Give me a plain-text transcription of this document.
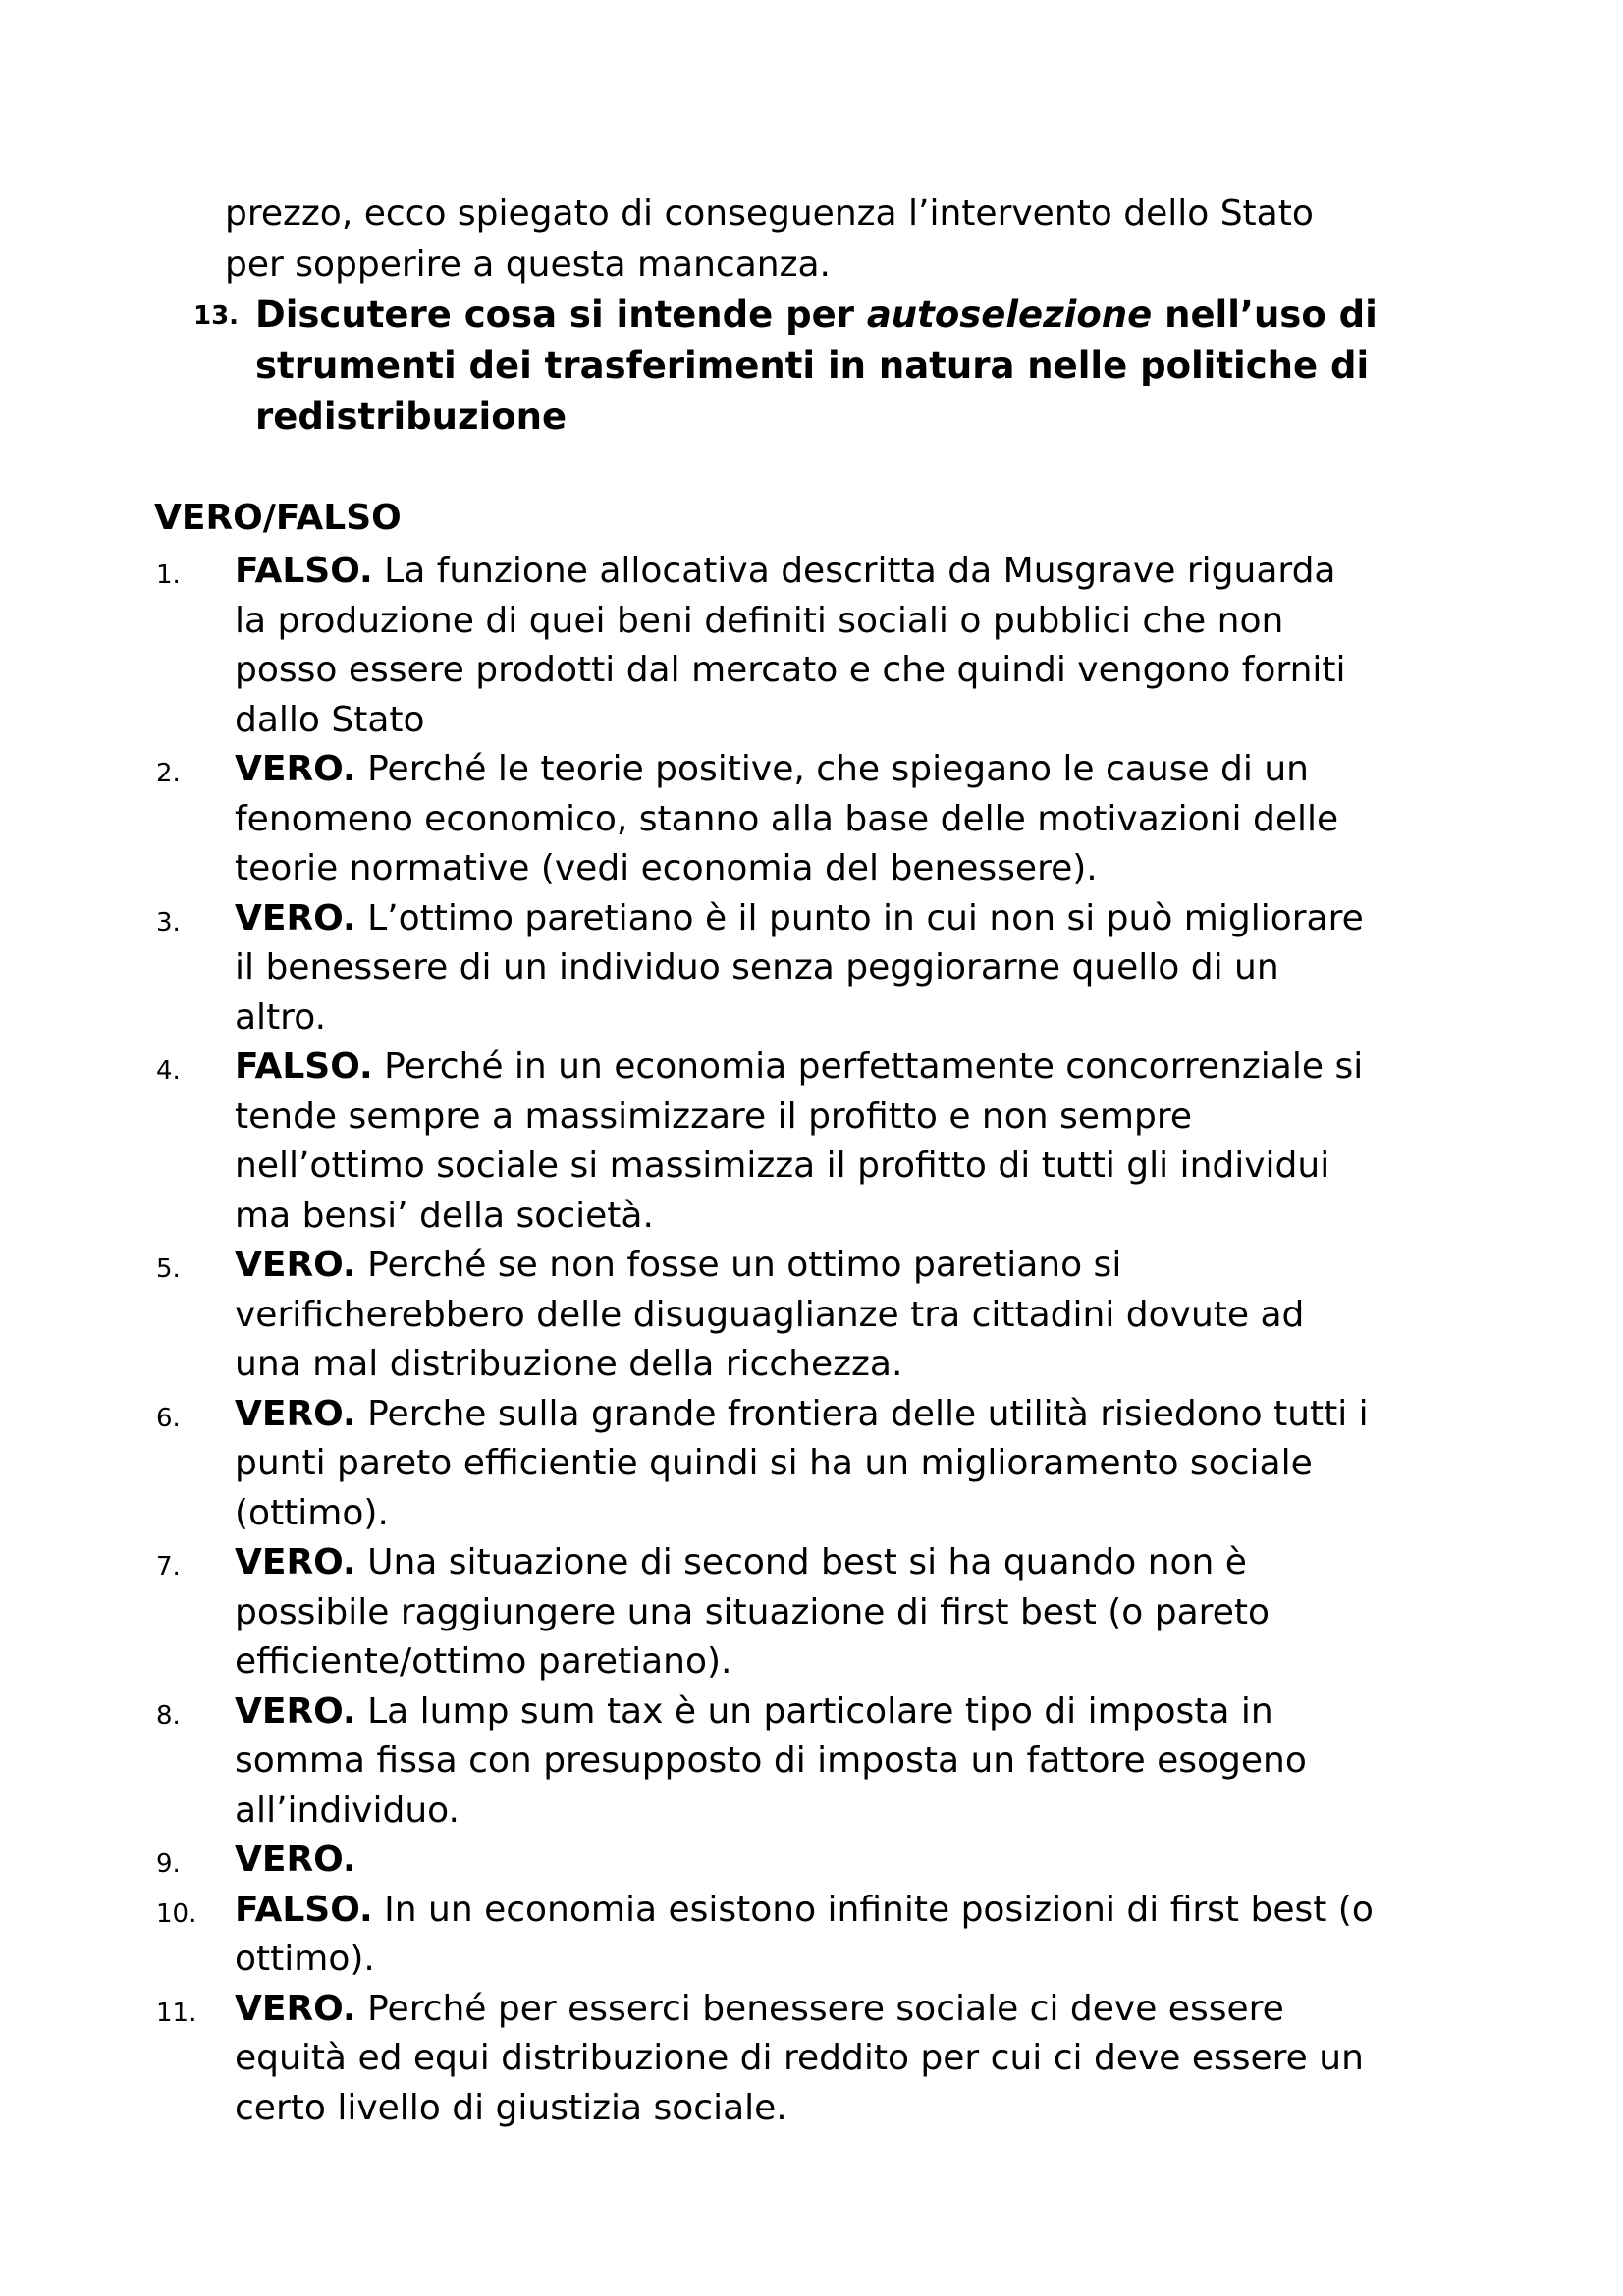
prezzo, ecco spiegato di conseguenza l’intervento dello Stato
per sopperire a questa mancanza.
13. Discutere cosa si intende per autoselezione nell’uso di
strumenti dei trasferimenti in natura nelle politiche di
redistribuzione
VERO/FALSO
1. FALSO. La funzione allocativa descritta da Musgrave riguarda
la produzione di quei beni definiti sociali o pubblici che non
posso essere prodotti dal mercato e che quindi vengono forniti
dallo Stato
2. VERO. Perché le teorie positive, che spiegano le cause di un
fenomeno economico, stanno alla base delle motivazioni delle
teorie normative (vedi economia del benessere).
3. VERO. L’ottimo paretiano è il punto in cui non si può migliorare
il benessere di un individuo senza peggiorarne quello di un
altro.
4. FALSO. Perché in un economia perfettamente concorrenziale si
tende sempre a massimizzare il profitto e non sempre
nell’ottimo sociale si massimizza il profitto di tutti gli individui
ma bensi’ della società.
5. VERO. Perché se non fosse un ottimo paretiano si
verificherebbero delle disuguaglianze tra cittadini dovute ad
una mal distribuzione della ricchezza.
6. VERO. Perche sulla grande frontiera delle utilità risiedono tutti i
punti pareto efficientie quindi si ha un miglioramento sociale
(ottimo).
7. VERO. Una situazione di second best si ha quando non è
possibile raggiungere una situazione di first best (o pareto
efficiente/ottimo paretiano).
8. VERO. La lump sum tax è un particolare tipo di imposta in
somma fissa con presupposto di imposta un fattore esogeno
all’individuo.
9. VERO.
10. FALSO. In un economia esistono infinite posizioni di first best (o
ottimo).
11. VERO. Perché per esserci benessere sociale ci deve essere
equità ed equi distribuzione di reddito per cui ci deve essere un
certo livello di giustizia sociale.
